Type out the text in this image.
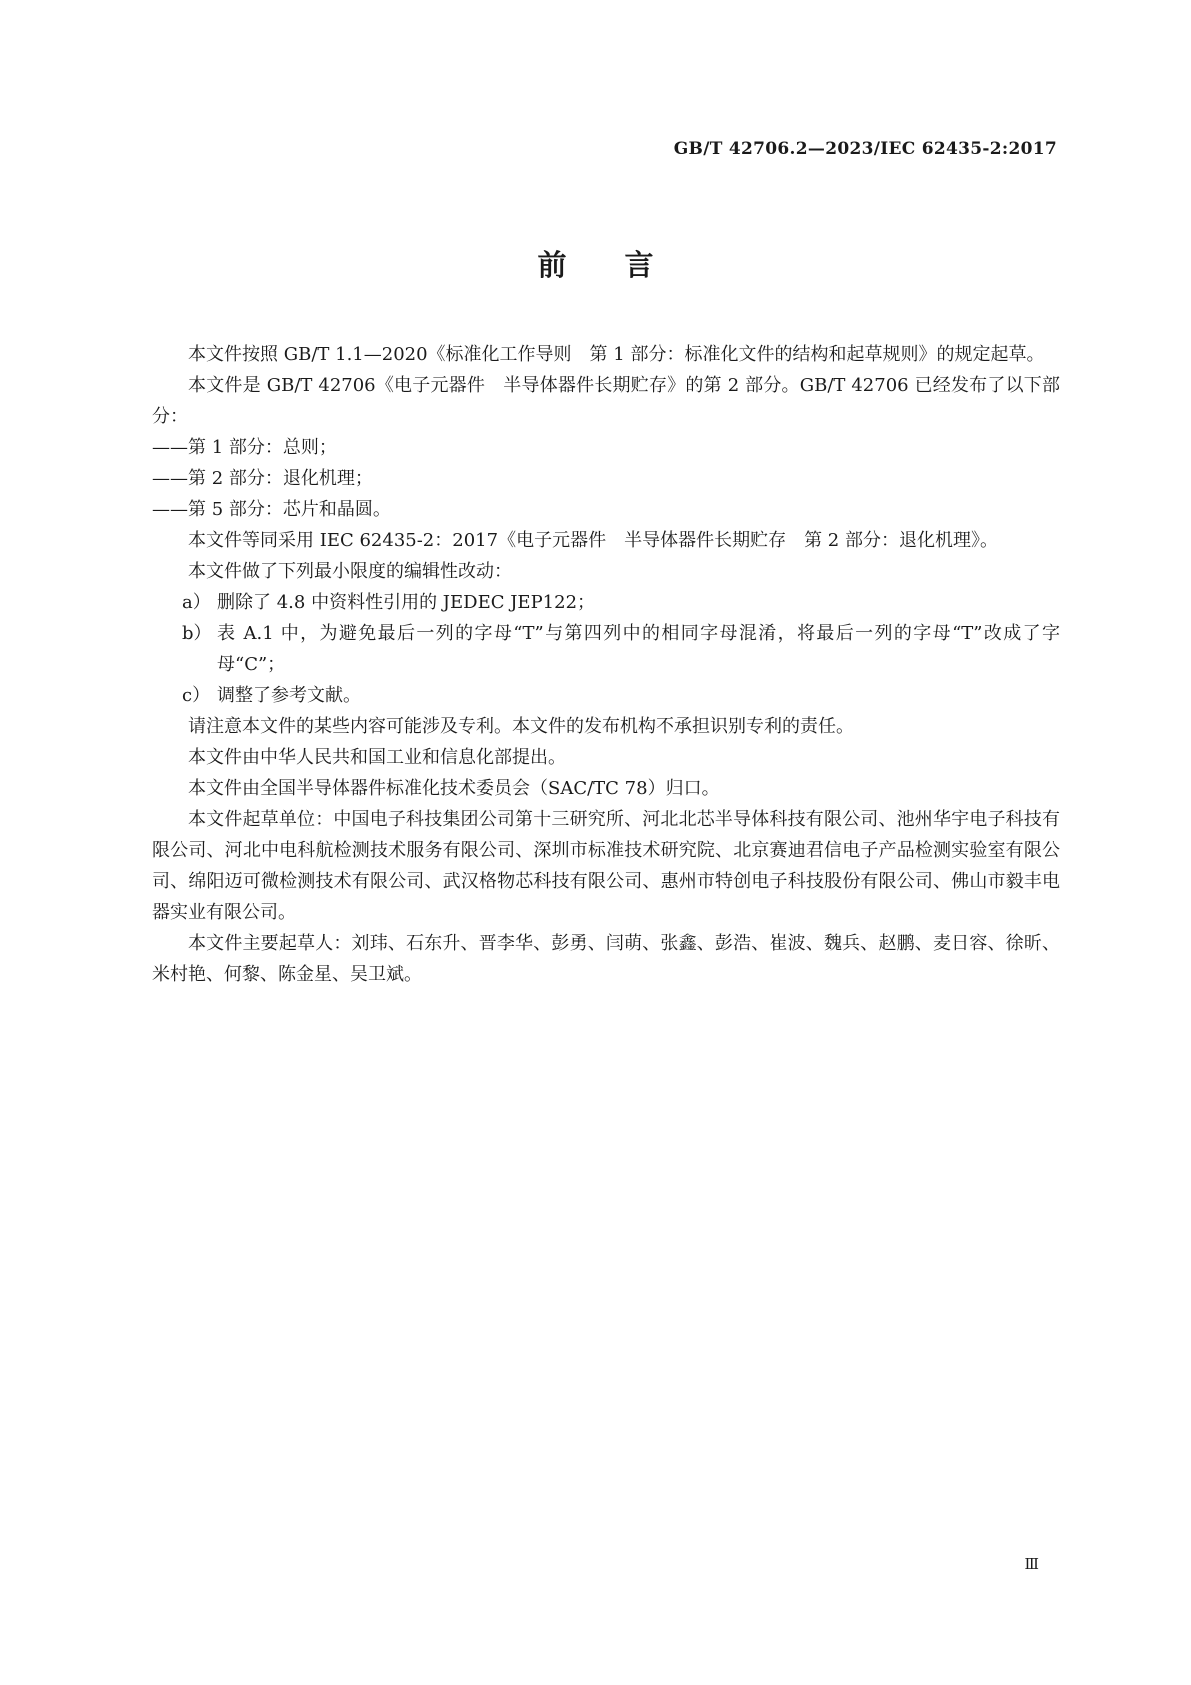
GB/T 42706.2—2023/IEC 62435-2:2017
前言

本文件按照 GB/T 1.1—2020《标准化工作导则　第 1 部分：标准化文件的结构和起草规则》的规定起草。

本文件是 GB/T 42706《电子元器件　半导体器件长期贮存》的第 2 部分。GB/T 42706 已经发布了以下部分：

——第 1 部分：总则；

——第 2 部分：退化机理；

——第 5 部分：芯片和晶圆。

本文件等同采用 IEC 62435-2：2017《电子元器件　半导体器件长期贮存　第 2 部分：退化机理》。

本文件做了下列最小限度的编辑性改动：

a） 删除了 4.8 中资料性引用的 JEDEC JEP122；
b） 表 A.1 中，为避免最后一列的字母“T”与第四列中的相同字母混淆，将最后一列的字母“T”改成了字母“C”；
c） 调整了参考文献。

请注意本文件的某些内容可能涉及专利。本文件的发布机构不承担识别专利的责任。

本文件由中华人民共和国工业和信息化部提出。

本文件由全国半导体器件标准化技术委员会（SAC/TC 78）归口。

本文件起草单位：中国电子科技集团公司第十三研究所、河北北芯半导体科技有限公司、池州华宇电子科技有限公司、河北中电科航检测技术服务有限公司、深圳市标准技术研究院、北京赛迪君信电子产品检测实验室有限公司、绵阳迈可微检测技术有限公司、武汉格物芯科技有限公司、惠州市特创电子科技股份有限公司、佛山市毅丰电器实业有限公司。

本文件主要起草人：刘玮、石东升、晋李华、彭勇、闫萌、张鑫、彭浩、崔波、魏兵、赵鹏、麦日容、徐昕、米村艳、何黎、陈金星、吴卫斌。

Ⅲ
